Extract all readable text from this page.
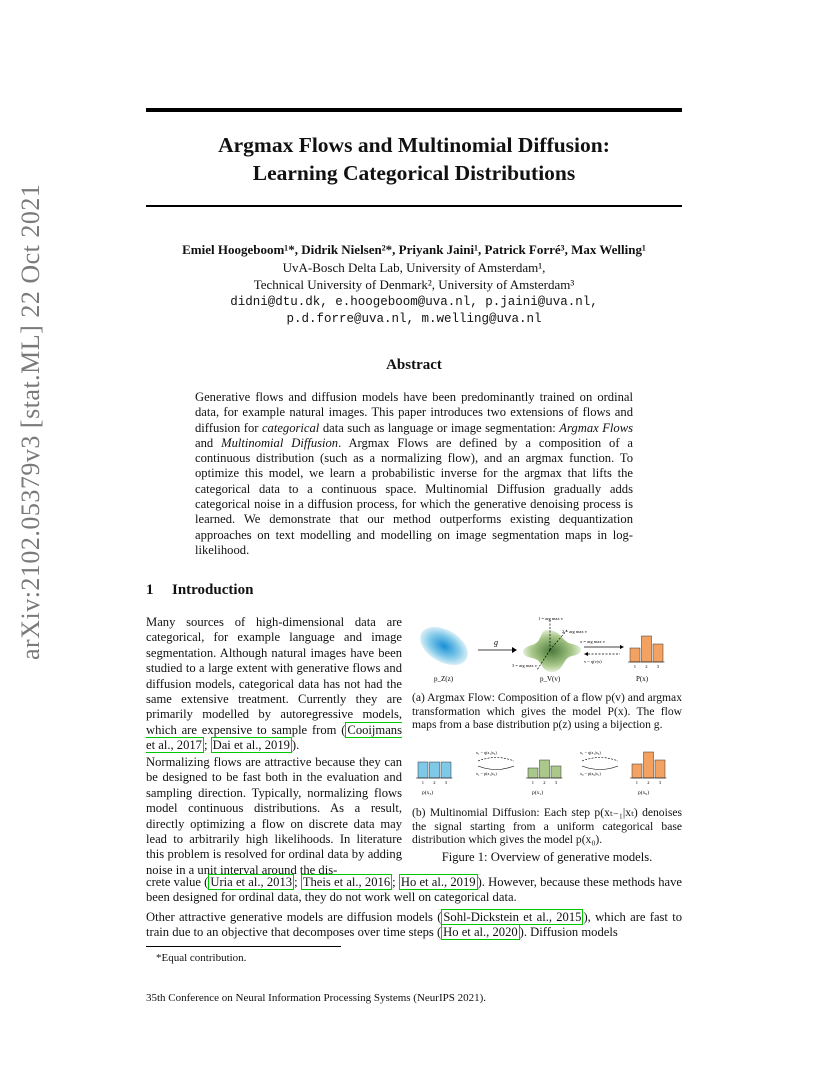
arXiv:2102.05379v3 [stat.ML] 22 Oct 2021
Argmax Flows and Multinomial Diffusion:
Learning Categorical Distributions
Emiel Hoogeboom¹*, Didrik Nielsen²*, Priyank Jaini¹, Patrick Forré³, Max Welling¹
UvA-Bosch Delta Lab, University of Amsterdam¹,
Technical University of Denmark², University of Amsterdam³
didni@dtu.dk, e.hoogeboom@uva.nl, p.jaini@uva.nl,
p.d.forre@uva.nl, m.welling@uva.nl
Abstract
Generative flows and diffusion models have been predominantly trained on ordinal data, for example natural images. This paper introduces two extensions of flows and diffusion for categorical data such as language or image segmentation: Argmax Flows and Multinomial Diffusion. Argmax Flows are defined by a composition of a continuous distribution (such as a normalizing flow), and an argmax function. To optimize this model, we learn a probabilistic inverse for the argmax that lifts the categorical data to a continuous space. Multinomial Diffusion gradually adds categorical noise in a diffusion process, for which the generative denoising process is learned. We demonstrate that our method outperforms existing dequantization approaches on text modelling and modelling on image segmentation maps in log-likelihood.
1 Introduction
Many sources of high-dimensional data are categorical, for example language and image segmentation. Although natural images have been studied to a large extent with generative flows and diffusion models, categorical data has not had the same extensive treatment. Currently they are primarily modelled by autoregressive models, which are expensive to sample from ( Cooijmans et al., 2017 ; Dai et al., 2019 ).
Normalizing flows are attractive because they can be designed to be fast both in the evaluation and sampling direction. Typically, normalizing flows model continuous distributions. As a result, directly optimizing a flow on discrete data may lead to arbitrarily high likelihoods. In literature this problem is resolved for ordinal data by adding noise in a unit interval around the dis-
crete value ( Uria et al., 2013 ; Theis et al., 2016 ; Ho et al., 2019 ). However, because these methods have been designed for ordinal data, they do not work well on categorical data.
Other attractive generative models are diffusion models ( Sohl-Dickstein et al., 2015 ), which are fast to train due to an objective that decomposes over time steps ( Ho et al., 2020 ). Diffusion models
p_Z(z)
g
1 = arg max v
2 = arg max v
3 = arg max v
p_V(v)
x = arg max v
v ~ q(v|x)
1 2 3
P(x)
(a) Argmax Flow: Composition of a flow p(v) and argmax transformation which gives the model P(x). The flow maps from a base distribution p(z) using a bijection g.
1 2 3	1 2 3	1 2 3
p(x₃)	p(x₁)	p(x₀)
x₁ ~ q(x₁|x₀)
x₁ ~ p(x₁|x₃)
x₁ ~ q(x₁|x₀)
x₀ ~ p(x₀|x₁)
(b) Multinomial Diffusion: Each step p(xₜ₋₁|xₜ) denoises the signal starting from a uniform categorical base distribution which gives the model p(x₀).
Figure 1: Overview of generative models.
*Equal contribution.
35th Conference on Neural Information Processing Systems (NeurIPS 2021).
